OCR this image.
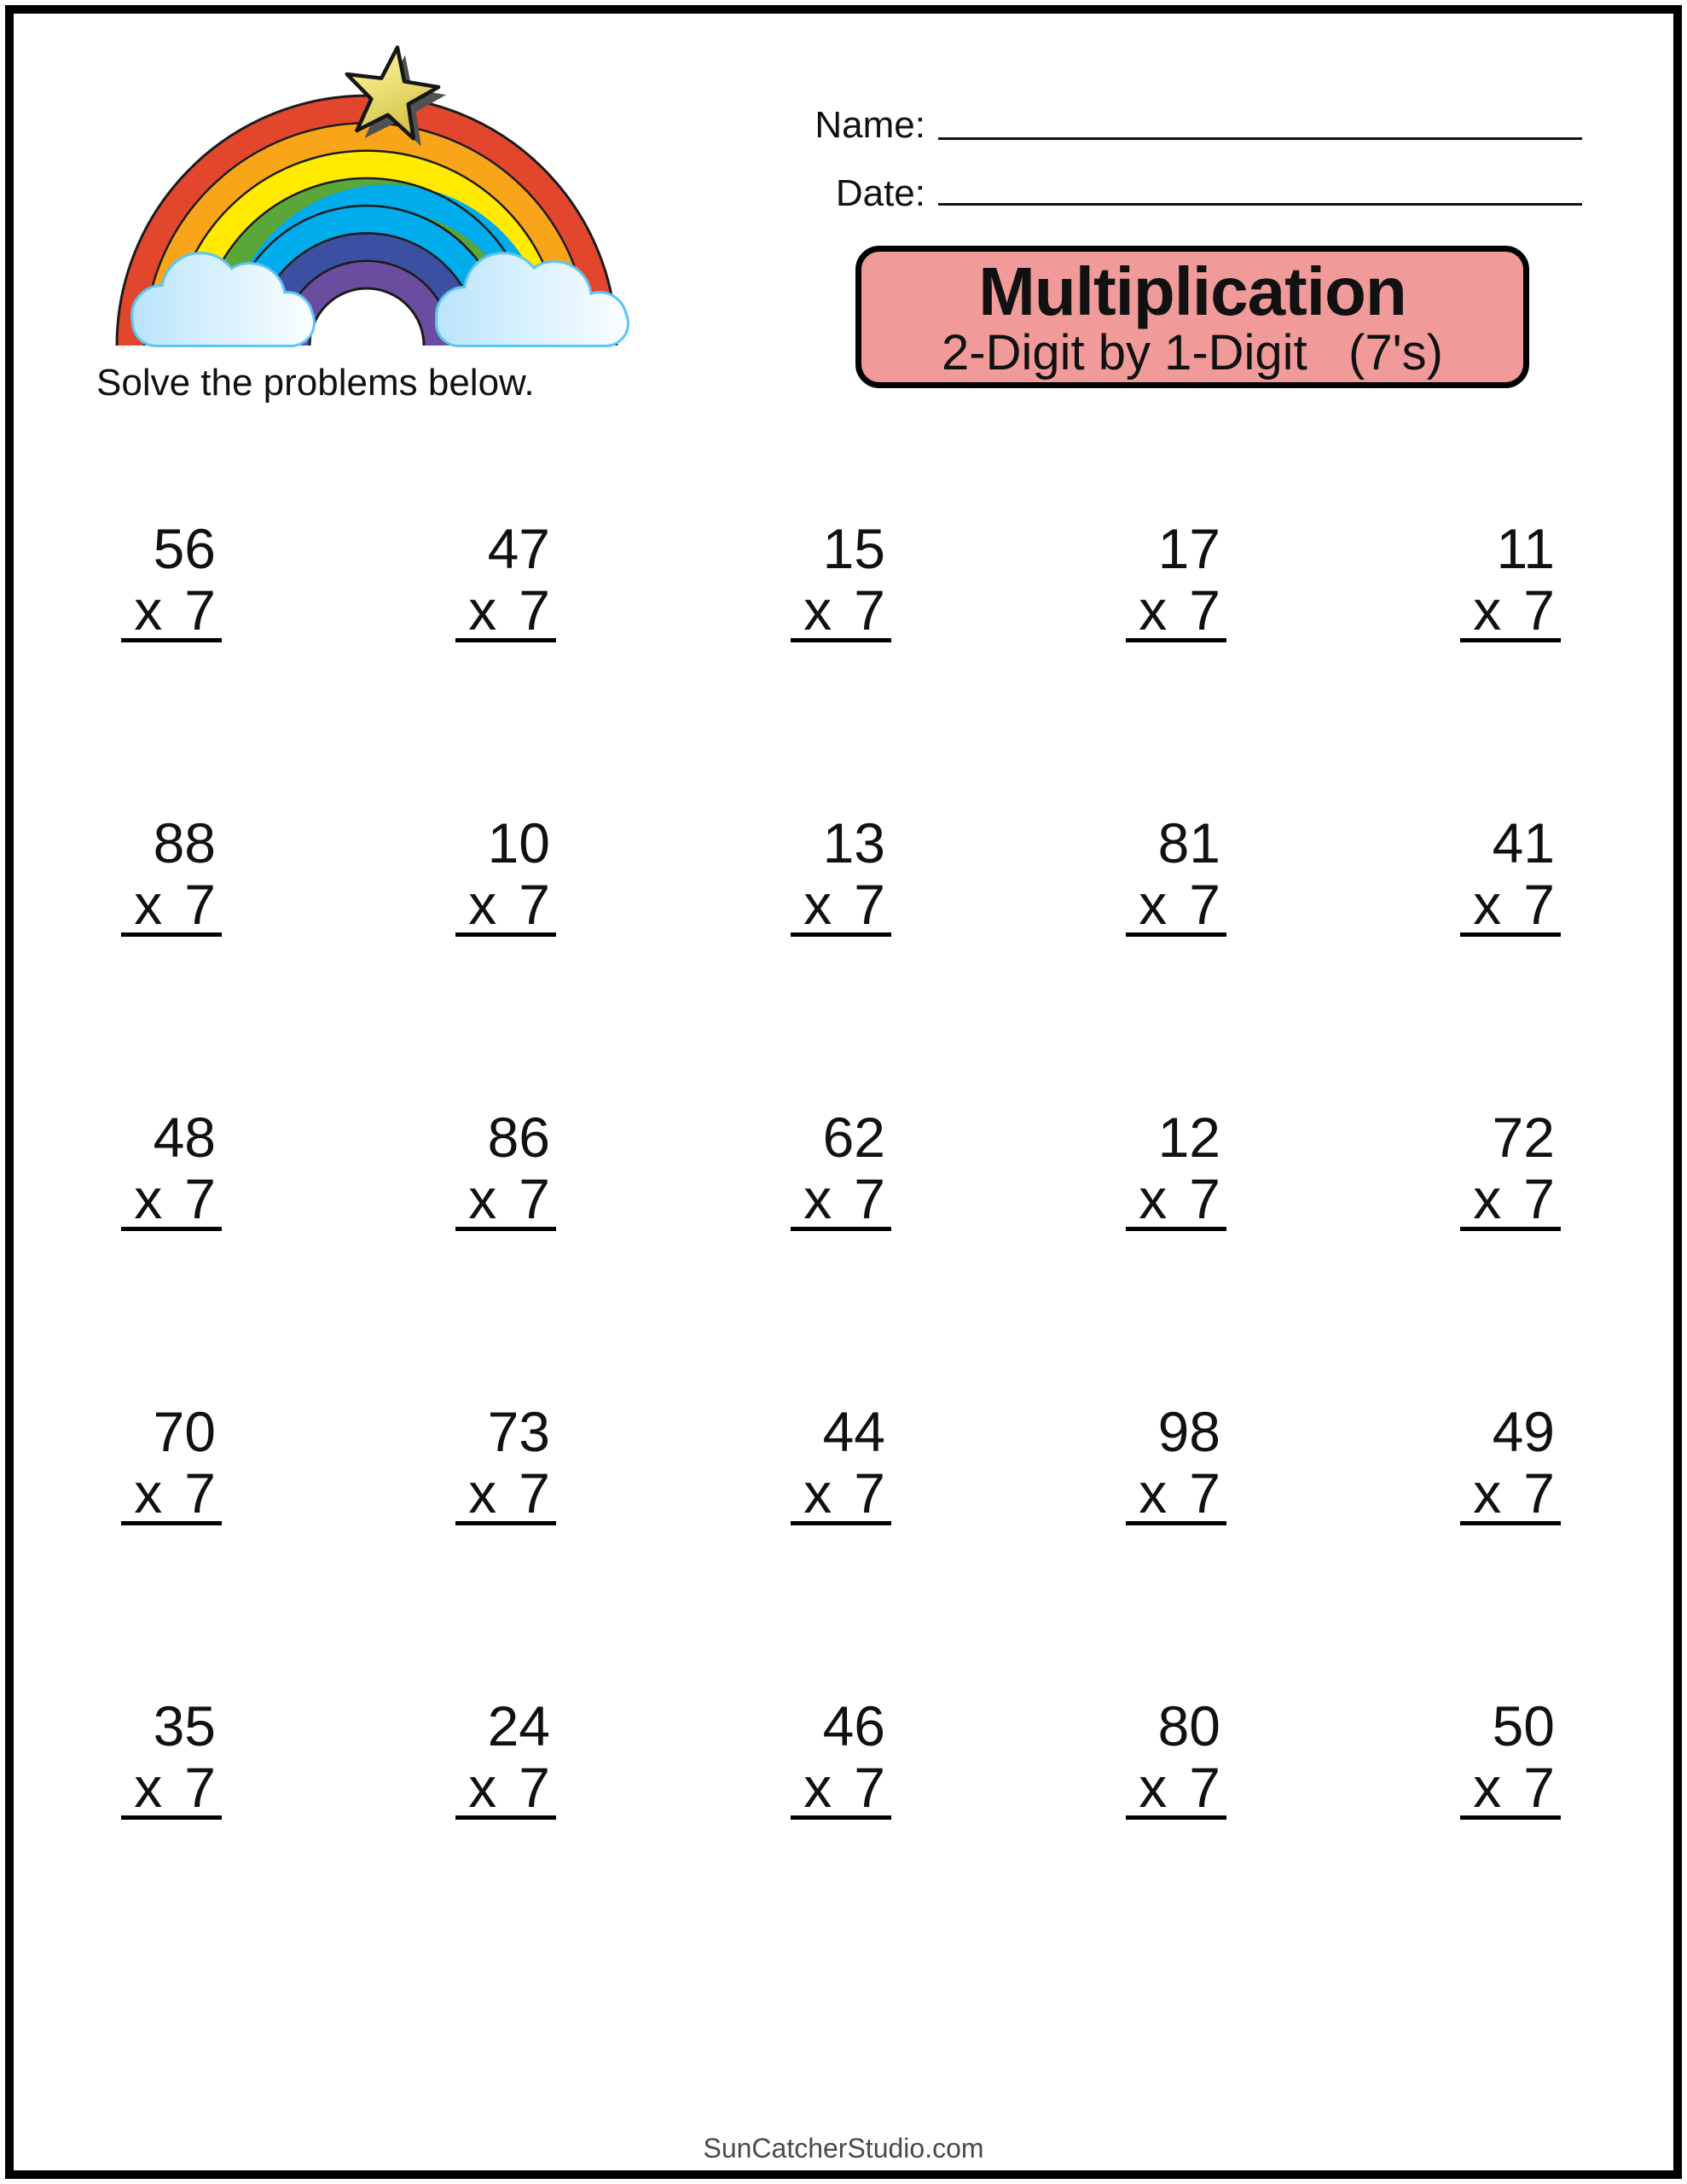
Name:
Date:
Multiplication
2-Digit by 1-Digit   (7's)
Solve the problems below.
56
x 7
47
x 7
15
x 7
17
x 7
11
x 7
88
x 7
10
x 7
13
x 7
81
x 7
41
x 7
48
x 7
86
x 7
62
x 7
12
x 7
72
x 7
70
x 7
73
x 7
44
x 7
98
x 7
49
x 7
35
x 7
24
x 7
46
x 7
80
x 7
50
x 7
SunCatcherStudio.com
